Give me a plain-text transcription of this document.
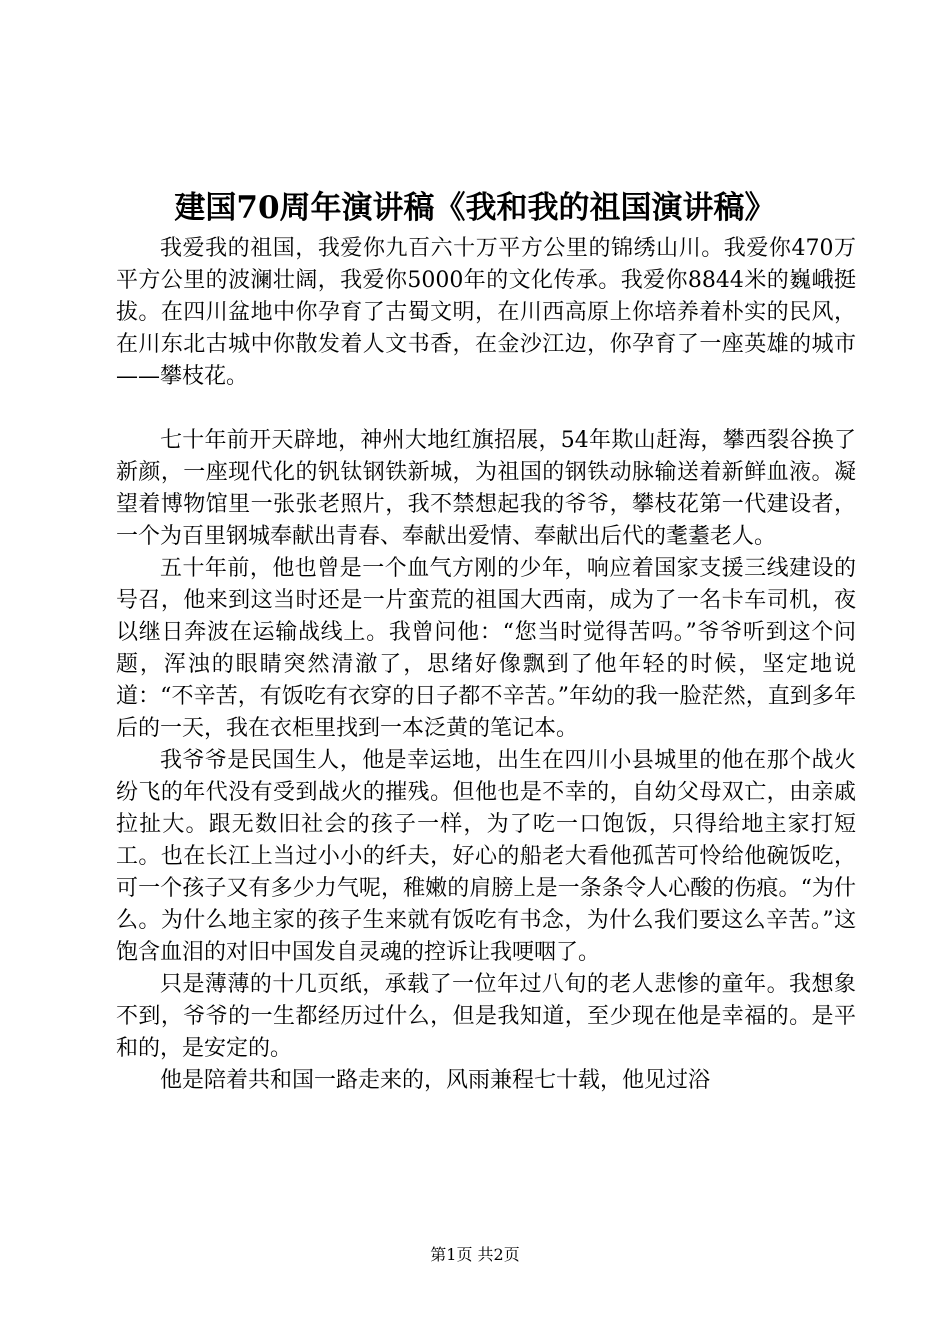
建国70周年演讲稿《我和我的祖国演讲稿》

我爱我的祖国，我爱你九百六十万平方公里的锦绣山川。我爱你470万平方公里的波澜壮阔，我爱你5000年的文化传承。我爱你8844米的巍峨挺拔。在四川盆地中你孕育了古蜀文明，在川西高原上你培养着朴实的民风，在川东北古城中你散发着人文书香，在金沙江边，你孕育了一座英雄的城市——攀枝花。

七十年前开天辟地，神州大地红旗招展，54年欺山赶海，攀西裂谷换了新颜，一座现代化的钒钛钢铁新城，为祖国的钢铁动脉输送着新鲜血液。凝望着博物馆里一张张老照片，我不禁想起我的爷爷，攀枝花第一代建设者，一个为百里钢城奉献出青春、奉献出爱情、奉献出后代的耄耋老人。

五十年前，他也曾是一个血气方刚的少年，响应着国家支援三线建设的号召，他来到这当时还是一片蛮荒的祖国大西南，成为了一名卡车司机，夜以继日奔波在运输战线上。我曾问他：“您当时觉得苦吗。”爷爷听到这个问题，浑浊的眼睛突然清澈了，思绪好像飘到了他年轻的时候，坚定地说道：“不辛苦，有饭吃有衣穿的日子都不辛苦。”年幼的我一脸茫然，直到多年后的一天，我在衣柜里找到一本泛黄的笔记本。

我爷爷是民国生人，他是幸运地，出生在四川小县城里的他在那个战火纷飞的年代没有受到战火的摧残。但他也是不幸的，自幼父母双亡，由亲戚拉扯大。跟无数旧社会的孩子一样，为了吃一口饱饭，只得给地主家打短工。也在长江上当过小小的纤夫，好心的船老大看他孤苦可怜给他碗饭吃，可一个孩子又有多少力气呢，稚嫩的肩膀上是一条条令人心酸的伤痕。“为什么。为什么地主家的孩子生来就有饭吃有书念，为什么我们要这么辛苦。”这饱含血泪的对旧中国发自灵魂的控诉让我哽咽了。

只是薄薄的十几页纸，承载了一位年过八旬的老人悲惨的童年。我想象不到，爷爷的一生都经历过什么，但是我知道，至少现在他是幸福的。是平和的，是安定的。

他是陪着共和国一路走来的，风雨兼程七十载，他见过浴

第1页 共2页
